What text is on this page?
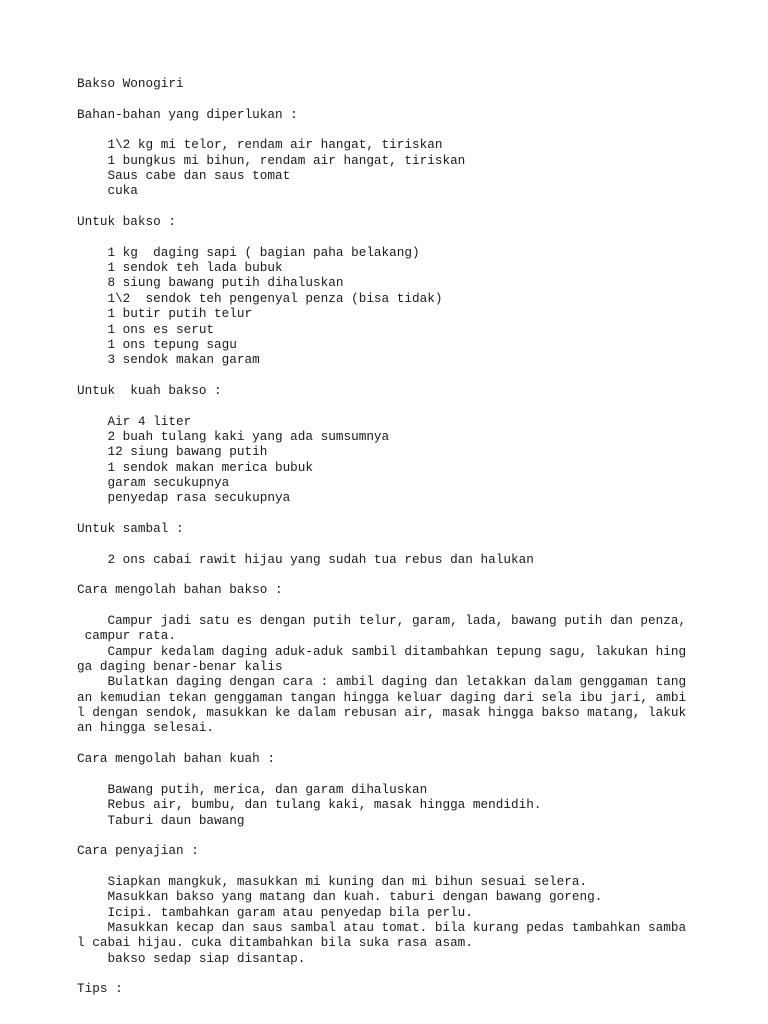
Bakso Wonogiri
Bahan-bahan yang diperlukan :
1\2 kg mi telor, rendam air hangat, tiriskan
1 bungkus mi bihun, rendam air hangat, tiriskan
Saus cabe dan saus tomat
cuka
Untuk bakso :
1 kg  daging sapi ( bagian paha belakang)
1 sendok teh lada bubuk
8 siung bawang putih dihaluskan
1\2  sendok teh pengenyal penza (bisa tidak)
1 butir putih telur
1 ons es serut
1 ons tepung sagu
3 sendok makan garam
Untuk  kuah bakso :
Air 4 liter
2 buah tulang kaki yang ada sumsumnya
12 siung bawang putih
1 sendok makan merica bubuk
garam secukupnya
penyedap rasa secukupnya
Untuk sambal :
2 ons cabai rawit hijau yang sudah tua rebus dan halukan
Cara mengolah bahan bakso :
Campur jadi satu es dengan putih telur, garam, lada, bawang putih dan penza,
campur rata.
Campur kedalam daging aduk-aduk sambil ditambahkan tepung sagu, lakukan hing
ga daging benar-benar kalis
Bulatkan daging dengan cara : ambil daging dan letakkan dalam genggaman tang
an kemudian tekan genggaman tangan hingga keluar daging dari sela ibu jari, ambi
l dengan sendok, masukkan ke dalam rebusan air, masak hingga bakso matang, lakuk
an hingga selesai.
Cara mengolah bahan kuah :
Bawang putih, merica, dan garam dihaluskan
Rebus air, bumbu, dan tulang kaki, masak hingga mendidih.
Taburi daun bawang
Cara penyajian :
Siapkan mangkuk, masukkan mi kuning dan mi bihun sesuai selera.
Masukkan bakso yang matang dan kuah. taburi dengan bawang goreng.
Icipi. tambahkan garam atau penyedap bila perlu.
Masukkan kecap dan saus sambal atau tomat. bila kurang pedas tambahkan samba
l cabai hijau. cuka ditambahkan bila suka rasa asam.
bakso sedap siap disantap.
Tips :
